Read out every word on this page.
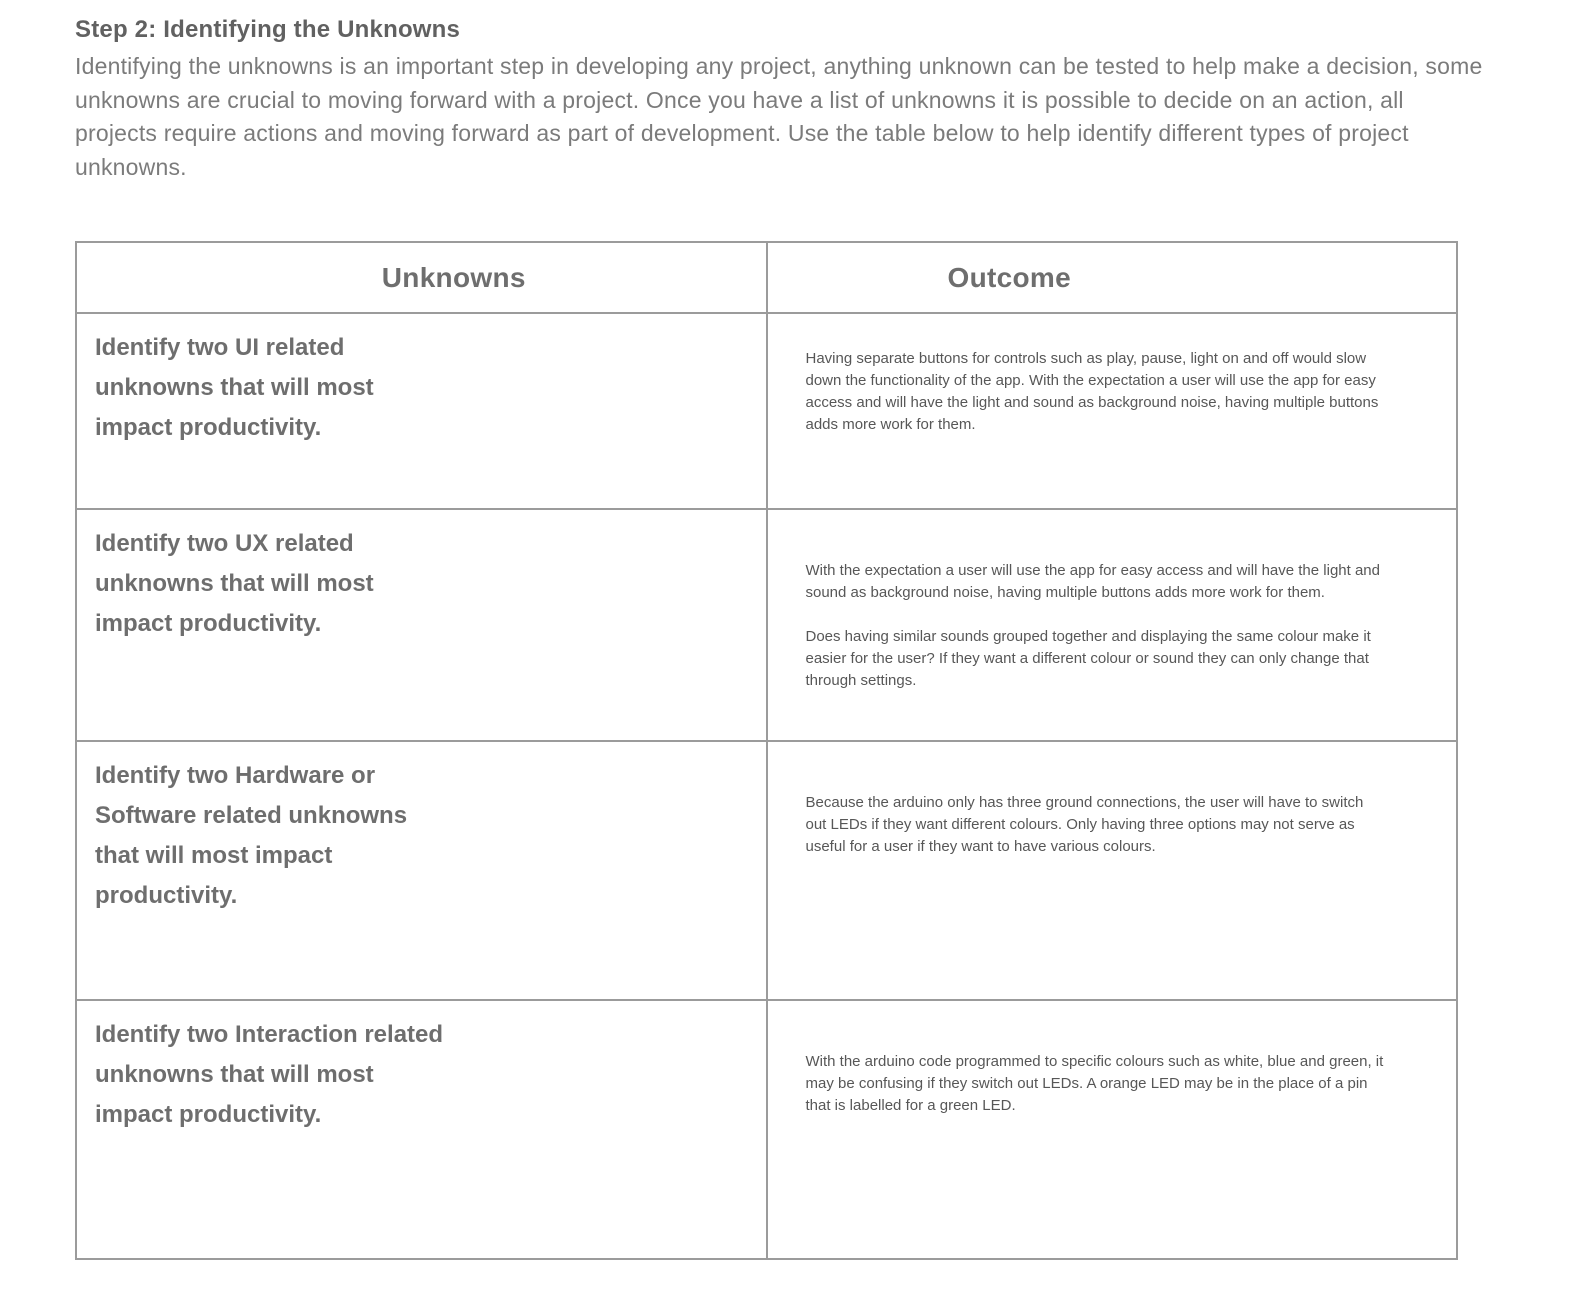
Step 2: Identifying the Unknowns

Identifying the unknowns is an important step in developing any project, anything unknown can be tested to help make a decision, some unknowns are crucial to moving forward with a project. Once you have a list of unknowns it is possible to decide on an action, all projects require actions and moving forward as part of development. Use the table below to help identify different types of project unknowns.

Unknowns	Outcome

Identify two UI related unknowns that will most impact productivity.	Having separate buttons for controls such as play, pause, light on and off would slow down the functionality of the app. With the expectation a user will use the app for easy access and will have the light and sound as background noise, having multiple buttons adds more work for them.

Identify two UX related unknowns that will most impact productivity.	With the expectation a user will use the app for easy access and will have the light and sound as background noise, having multiple buttons adds more work for them.

Does having similar sounds grouped together and displaying the same colour make it easier for the user? If they want a different colour or sound they can only change that through settings.

Identify two Hardware or Software related unknowns that will most impact productivity.	Because the arduino only has three ground connections, the user will have to switch out LEDs if they want different colours. Only having three options may not serve as useful for a user if they want to have various colours.

Identify two Interaction related unknowns that will most impact productivity.	With the arduino code programmed to specific colours such as white, blue and green, it may be confusing if they switch out LEDs. A orange LED may be in the place of a pin that is labelled for a green LED.
